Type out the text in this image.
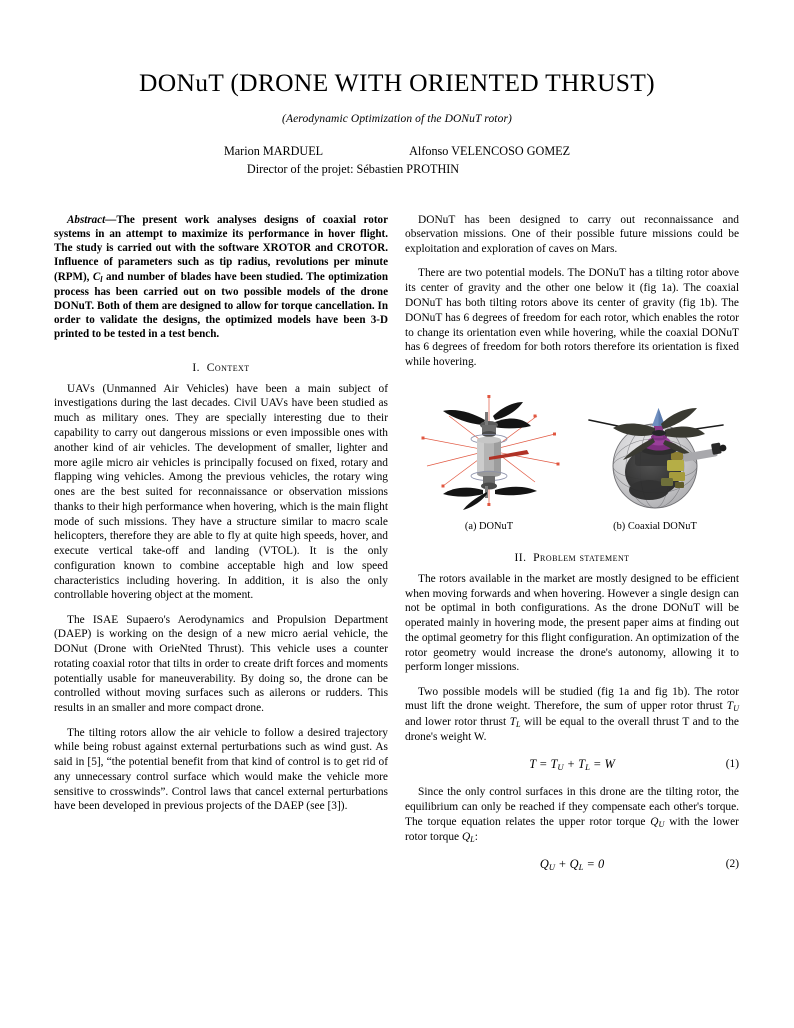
DONuT (DRONE WITH ORIENTED THRUST)
(Aerodynamic Optimization of the DONuT rotor)
Marion MARDUEL	Alfonso VELENCOSO GOMEZ
Director of the projet: Sébastien PROTHIN

Abstract—The present work analyses designs of coaxial rotor systems in an attempt to maximize its performance in hover flight. The study is carried out with the software XROTOR and CROTOR. Influence of parameters such as tip radius, revolutions per minute (RPM), $C_l$ and number of blades have been studied. The optimization process has been carried out on two possible models of the drone DONuT. Both of them are designed to allow for torque cancellation. In order to validate the designs, the optimized models have been 3-D printed to be tested in a test bench.

I. Context

UAVs (Unmanned Air Vehicles) have been a main subject of investigations during the last decades. Civil UAVs have been studied as much as military ones. They are specially interesting due to their capability to carry out dangerous missions or even impossible ones with another kind of air vehicles. The development of smaller, lighter and more agile micro air vehicles is principally focused on fixed, rotary and flapping wing vehicles. Among the previous vehicles, the rotary wing ones are the best suited for reconnaissance or observation missions thanks to their high performance when hovering, which is the main flight mode of such missions. They have a structure similar to macro scale helicopters, therefore they are able to fly at quite high speeds, hover, and execute vertical take-off and landing (VTOL). It is the only configuration known to combine acceptable high and low speed characteristics including hovering. In addition, it is also the only controllable hovering object at the moment.

The ISAE Supaero's Aerodynamics and Propulsion Department (DAEP) is working on the design of a new micro aerial vehicle, the DONut (Drone with OrieNted Thrust). This vehicle uses a counter rotating coaxial rotor that tilts in order to create drift forces and moments potentially usable for maneuverability. By doing so, the drone can be controlled without moving surfaces such as ailerons or rudders. This results in an smaller and more compact drone.

The tilting rotors allow the air vehicle to follow a desired trajectory while being robust against external perturbations such as wind gust. As said in [5], “the potential benefit from that kind of control is to get rid of any unnecessary control surface which would make the vehicle more sensitive to crosswinds”. Control laws that cancel external perturbations have been developed in previous projects of the DAEP (see [3]).

DONuT has been designed to carry out reconnaissance and observation missions. One of their possible future missions could be exploitation and exploration of caves on Mars.

There are two potential models. The DONuT has a tilting rotor above its center of gravity and the other one below it (fig 1a). The coaxial DONuT has both tilting rotors above its center of gravity (fig 1b). The DONuT has 6 degrees of freedom for each rotor, which enables the rotor to change its orientation even while hovering, while the coaxial DONuT has 6 degrees of freedom for both rotors therefore its orientation is fixed while hovering.

(a) DONuT	(b) Coaxial DONuT
II. Problem statement

The rotors available in the market are mostly designed to be efficient when moving forwards and when hovering. However a single design can not be optimal in both configurations. As the drone DONuT will be operated mainly in hovering mode, the present paper aims at finding out the optimal geometry for this flight configuration. An optimization of the rotor geometry would increase the drone's autonomy, allowing it to perform longer missions.

Two possible models will be studied (fig 1a and fig 1b). The rotor must lift the drone weight. Therefore, the sum of upper rotor thrust $T_U$ and lower rotor thrust $T_L$ will be equal to the overall thrust T and to the drone's weight W.

$T = T_U + T_L = W$	(1)

Since the only control surfaces in this drone are the tilting rotor, the equilibrium can only be reached if they compensate each other's torque. The torque equation relates the upper rotor torque $Q_U$ with the lower rotor torque $Q_L$:

$Q_U + Q_L = 0$	(2)
